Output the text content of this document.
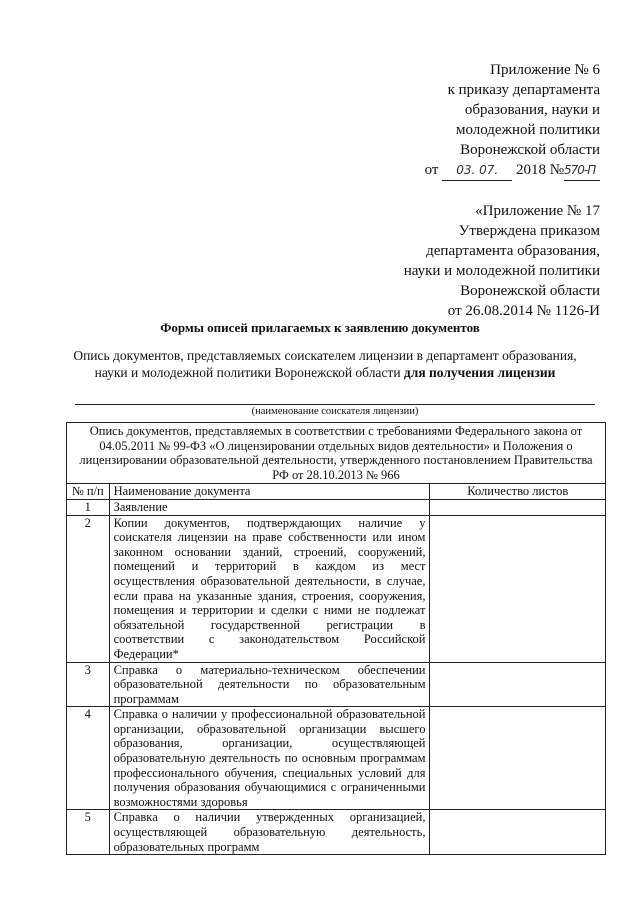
Приложение № 6
к приказу департамента
образования, науки и
молодежной политики
Воронежской области
от 03. 07. 2018 №570-П
«Приложение № 17
Утверждена приказом
департамента образования,
науки и молодежной политики
Воронежской области
от 26.08.2014 № 1126-И
Формы описей прилагаемых к заявлению документов
Опись документов, представляемых соискателем лицензии в департамент образования, науки и молодежной политики Воронежской области для получения лицензии
(наименование соискателя лицензии)
Опись документов, представляемых в соответствии с требованиями Федерального закона от 04.05.2011 № 99-ФЗ «О лицензировании отдельных видов деятельности» и Положения о лицензировании образовательной деятельности, утвержденного постановлением Правительства РФ от 28.10.2013 № 966		
№ п/п	Наименование документа	Количество листов
1	Заявление	
2	Копии документов, подтверждающих наличие у соискателя лицензии на праве собственности или ином законном основании зданий, строений, сооружений, помещений и территорий в каждом из мест осуществления образовательной деятельности, в случае, если права на указанные здания, строения, сооружения, помещения и территории и сделки с ними не подлежат обязательной государственной регистрации в соответствии с законодательством Российской Федерации*	
3	Справка о материально-техническом обеспечении образовательной деятельности по образовательным программам	
4	Справка о наличии у профессиональной образовательной организации, образовательной организации высшего образования, организации, осуществляющей образовательную деятельность по основным программам профессионального обучения, специальных условий для получения образования обучающимися с ограниченными возможностями здоровья	
5	Справка о наличии утвержденных организацией, осуществляющей образовательную деятельность, образовательных программ	
